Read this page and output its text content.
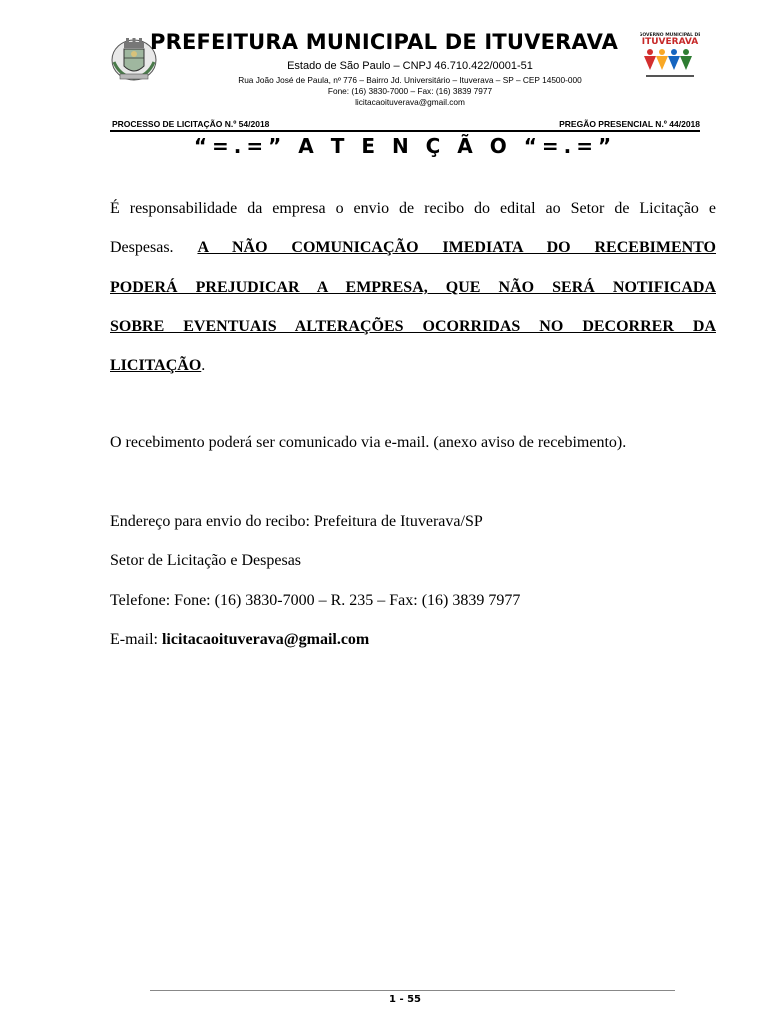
PREFEITURA MUNICIPAL DE ITUVERAVA	GOVERNO MUNICIPAL DE
ITUVERAVA
Estado de São Paulo – CNPJ 46.710.422/0001-51
Rua João José de Paula, nº 776 – Bairro Jd. Universitário – Ituverava – SP – CEP 14500-000
Fone: (16) 3830-7000 – Fax: (16) 3839 7977
licitacaoituverava@gmail.com
PROCESSO DE LICITAÇÃO N.º 54/2018	PREGÃO PRESENCIAL N.º 44/2018
“=.=” A T E N Ç Ã O “=.=”
É responsabilidade da empresa o envio de recibo do edital ao Setor de Licitação e
Despesas. A NÃO COMUNICAÇÃO IMEDIATA DO RECEBIMENTO
PODERÁ PREJUDICAR A EMPRESA, QUE NÃO SERÁ NOTIFICADA
SOBRE EVENTUAIS ALTERAÇÕES OCORRIDAS NO DECORRER DA
LICITAÇÃO.
O recebimento poderá ser comunicado via e-mail. (anexo aviso de recebimento).
Endereço para envio do recibo: Prefeitura de Ituverava/SP
Setor de Licitação e Despesas
Telefone: Fone: (16) 3830-7000 – R. 235 – Fax: (16) 3839 7977
E-mail: licitacaoituverava@gmail.com
1 - 55
